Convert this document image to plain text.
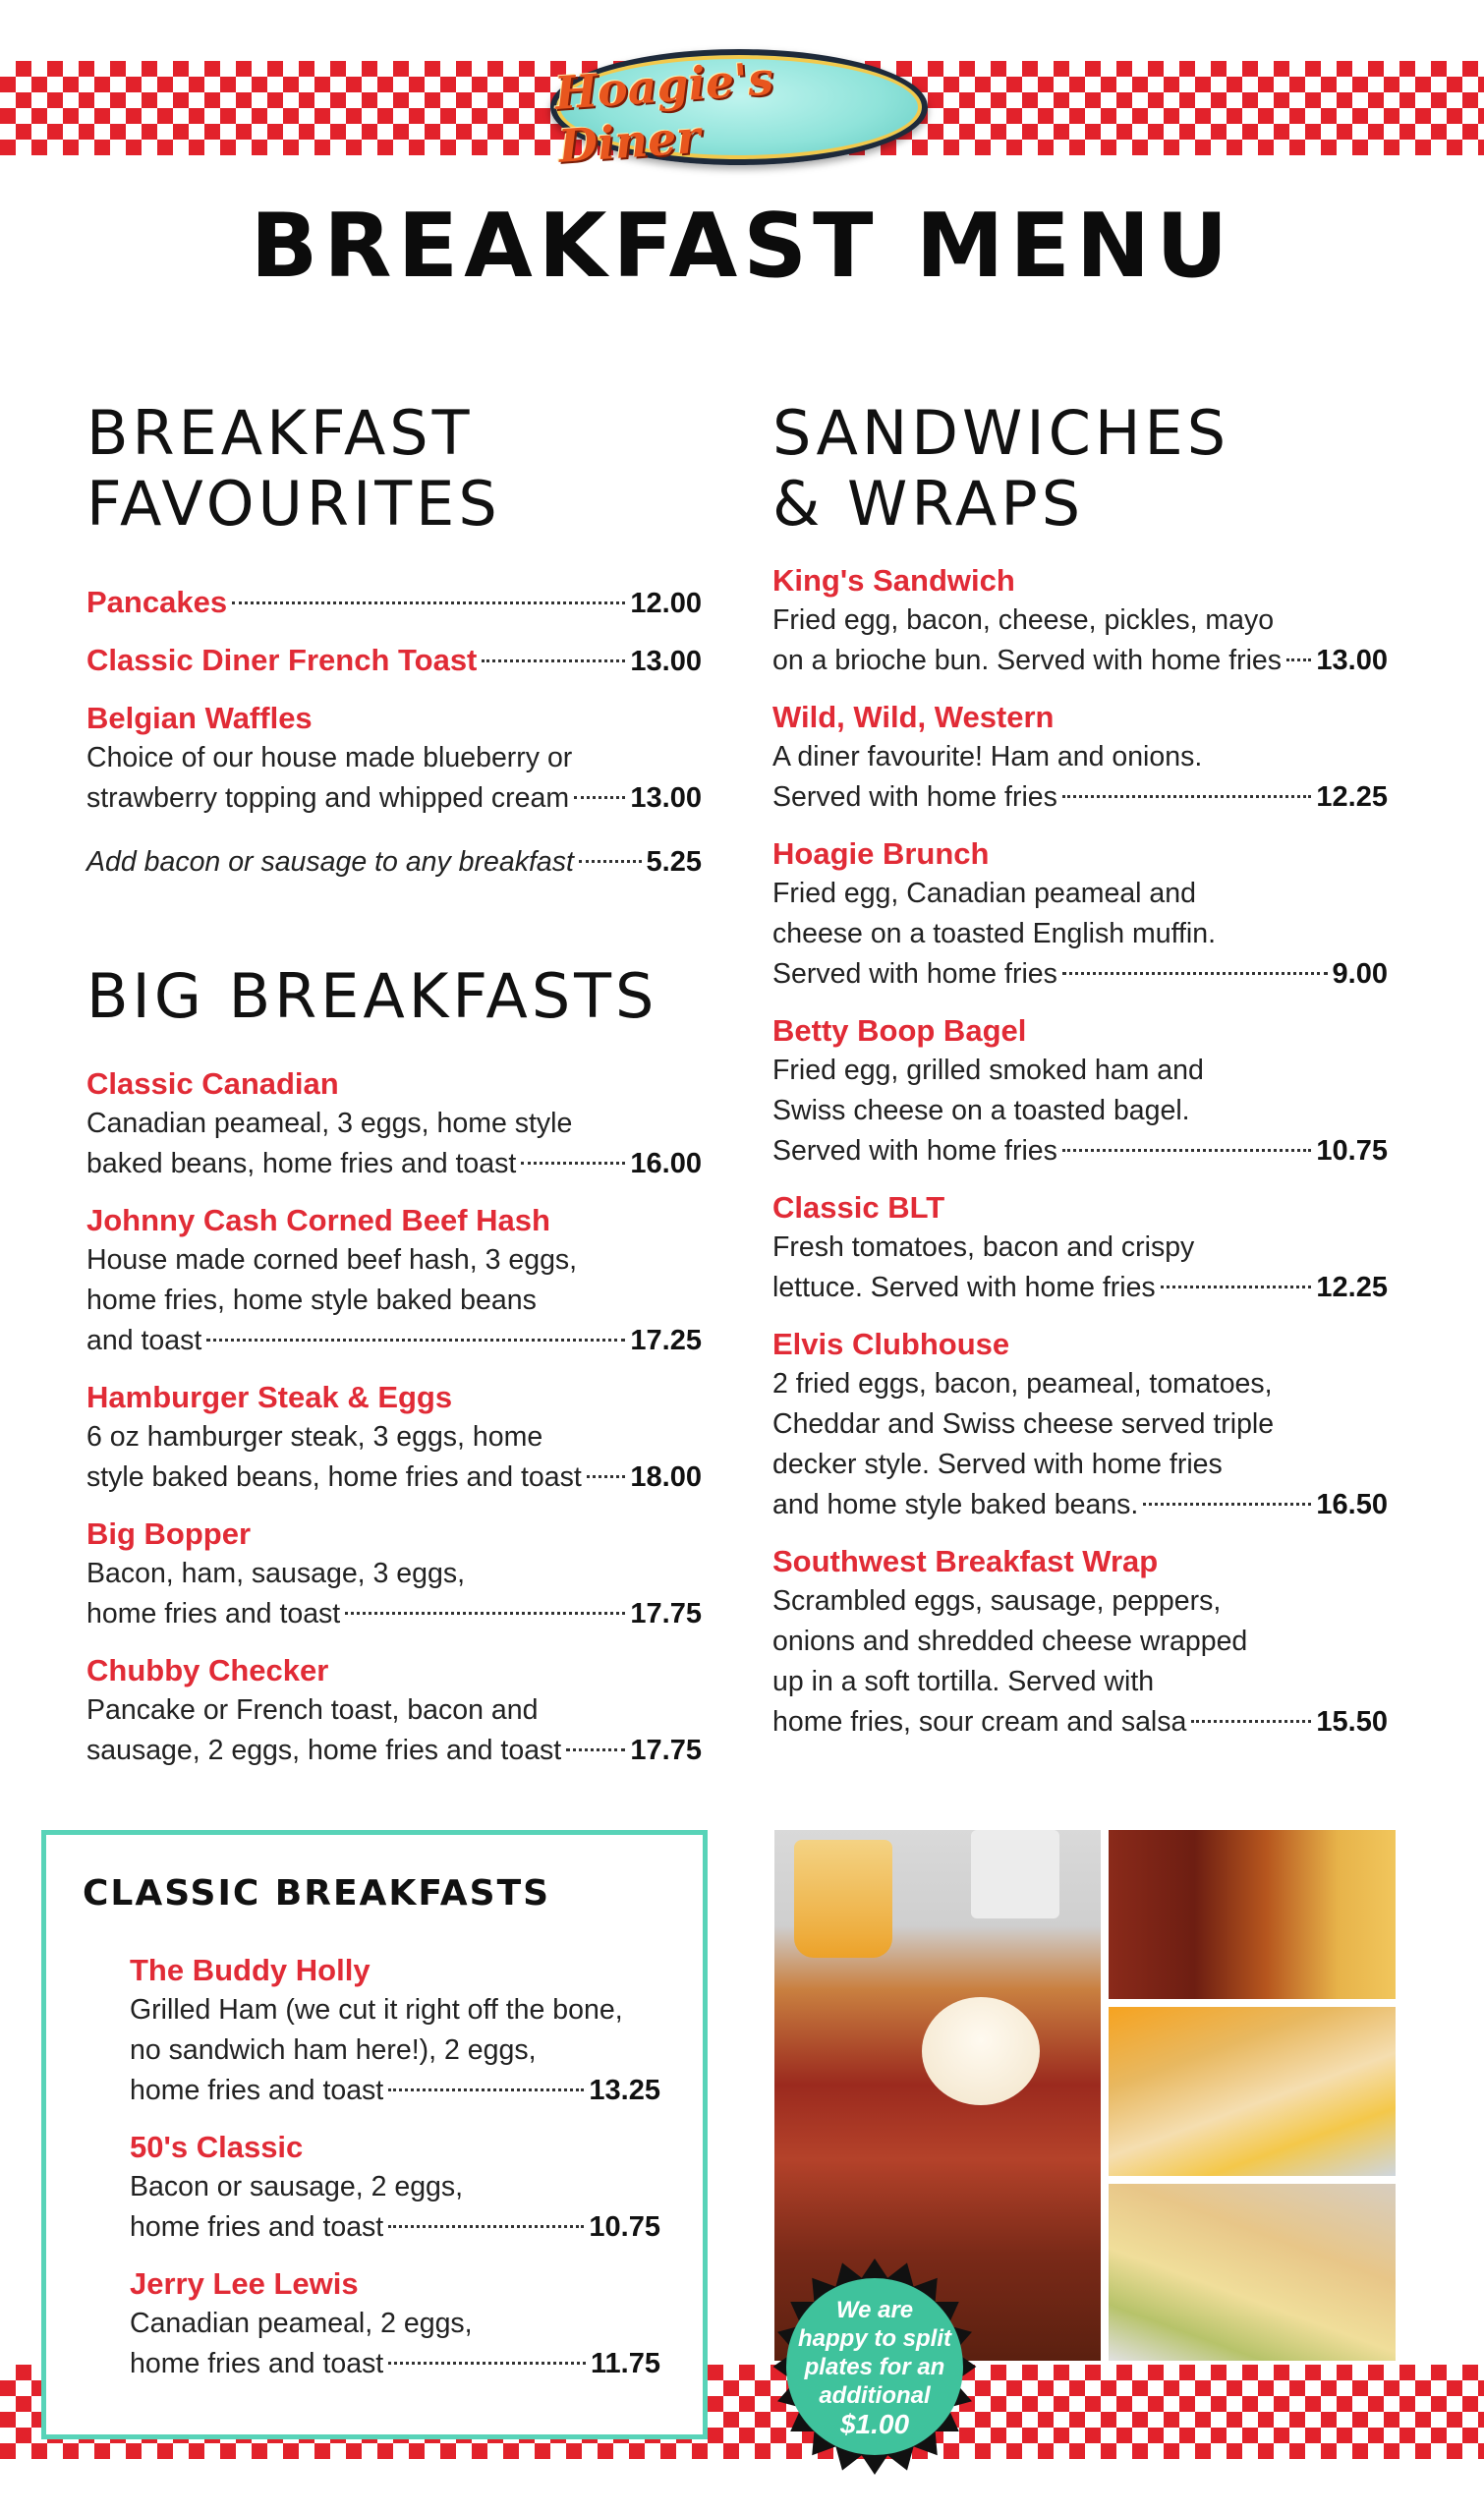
Hoagie's Diner
BREAKFAST MENU
BREAKFAST
FAVOURITES
Pancakes	12.00
Classic Diner French Toast	13.00
Belgian Waffles
Choice of our house made blueberry or
strawberry topping and whipped cream 13.00
Add bacon or sausage to any breakfast	5.25
BIG BREAKFASTS
Classic Canadian
Canadian peameal, 3 eggs, home style
baked beans, home fries and toast	16.00
Johnny Cash Corned Beef Hash
House made corned beef hash, 3 eggs,
home fries, home style baked beans
and toast	17.25
Hamburger Steak & Eggs
6 oz hamburger steak, 3 eggs, home
style baked beans, home fries and toast 18.00
Big Bopper
Bacon, ham, sausage, 3 eggs,
home fries and toast	17.75
Chubby Checker
Pancake or French toast, bacon and
sausage, 2 eggs, home fries and toast 17.75
SANDWICHES
& WRAPS
King's Sandwich
Fried egg, bacon, cheese, pickles, mayo
on a brioche bun. Served with home fries 13.00
Wild, Wild, Western
A diner favourite! Ham and onions.
Served with home fries	12.25
Hoagie Brunch
Fried egg, Canadian peameal and
cheese on a toasted English muffin.
Served with home fries	9.00
Betty Boop Bagel
Fried egg, grilled smoked ham and
Swiss cheese on a toasted bagel.
Served with home fries	10.75
Classic BLT
Fresh tomatoes, bacon and crispy
lettuce. Served with home fries	12.25
Elvis Clubhouse
2 fried eggs, bacon, peameal, tomatoes,
Cheddar and Swiss cheese served triple
decker style. Served with home fries
and home style baked beans.	16.50
Southwest Breakfast Wrap
Scrambled eggs, sausage, peppers,
onions and shredded cheese wrapped
up in a soft tortilla. Served with
home fries, sour cream and salsa	15.50
CLASSIC BREAKFASTS
The Buddy Holly
Grilled Ham (we cut it right off the bone,
no sandwich ham here!), 2 eggs,
home fries and toast	13.25
50's Classic
Bacon or sausage, 2 eggs,
home fries and toast	10.75
Jerry Lee Lewis
Canadian peameal, 2 eggs,
home fries and toast	11.75
We are
happy to split
plates for an
additional
$1.00
